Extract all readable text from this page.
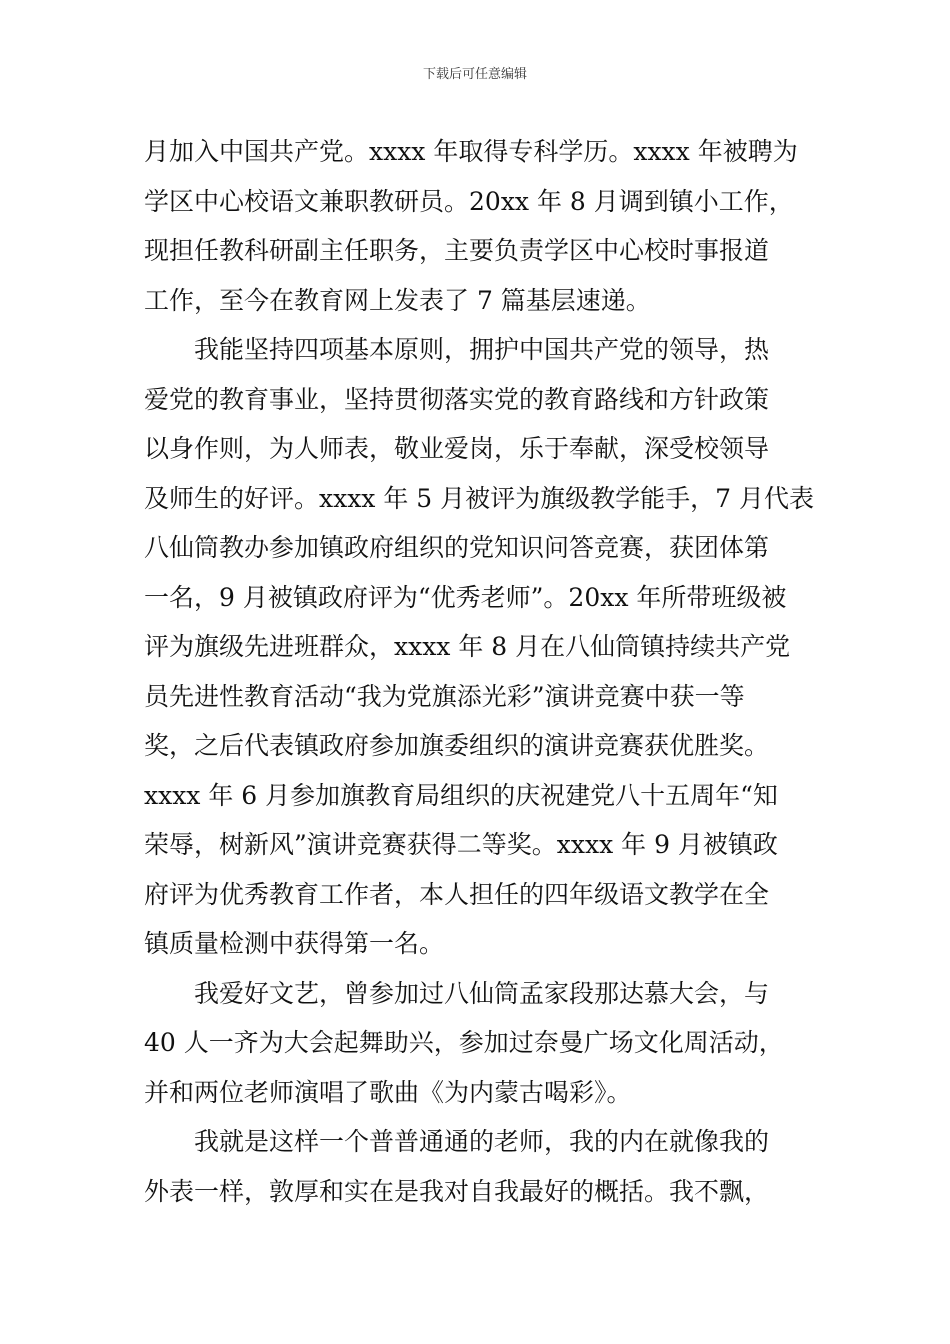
下载后可任意编辑
月加入中国共产党。xxxx 年取得专科学历。xxxx 年被聘为
学区中心校语文兼职教研员。20xx 年 8 月调到镇小工作，
现担任教科研副主任职务，主要负责学区中心校时事报道
工作，至今在教育网上发表了 7 篇基层速递。
　　我能坚持四项基本原则，拥护中国共产党的领导，热
爱党的教育事业，坚持贯彻落实党的教育路线和方针政策
以身作则，为人师表，敬业爱岗，乐于奉献，深受校领导
及师生的好评。xxxx 年 5 月被评为旗级教学能手，7 月代表
八仙筒教办参加镇政府组织的党知识问答竞赛，获团体第
一名，9 月被镇政府评为“优秀老师”。20xx 年所带班级被
评为旗级先进班群众，xxxx 年 8 月在八仙筒镇持续共产党
员先进性教育活动“我为党旗添光彩”演讲竞赛中获一等
奖，之后代表镇政府参加旗委组织的演讲竞赛获优胜奖。
xxxx 年 6 月参加旗教育局组织的庆祝建党八十五周年“知
荣辱，树新风”演讲竞赛获得二等奖。xxxx 年 9 月被镇政
府评为优秀教育工作者，本人担任的四年级语文教学在全
镇质量检测中获得第一名。
　　我爱好文艺，曾参加过八仙筒孟家段那达慕大会，与
40 人一齐为大会起舞助兴，参加过奈曼广场文化周活动，
并和两位老师演唱了歌曲《为内蒙古喝彩》。
　　我就是这样一个普普通通的老师，我的内在就像我的
外表一样，敦厚和实在是我对自我最好的概括。我不飘，
